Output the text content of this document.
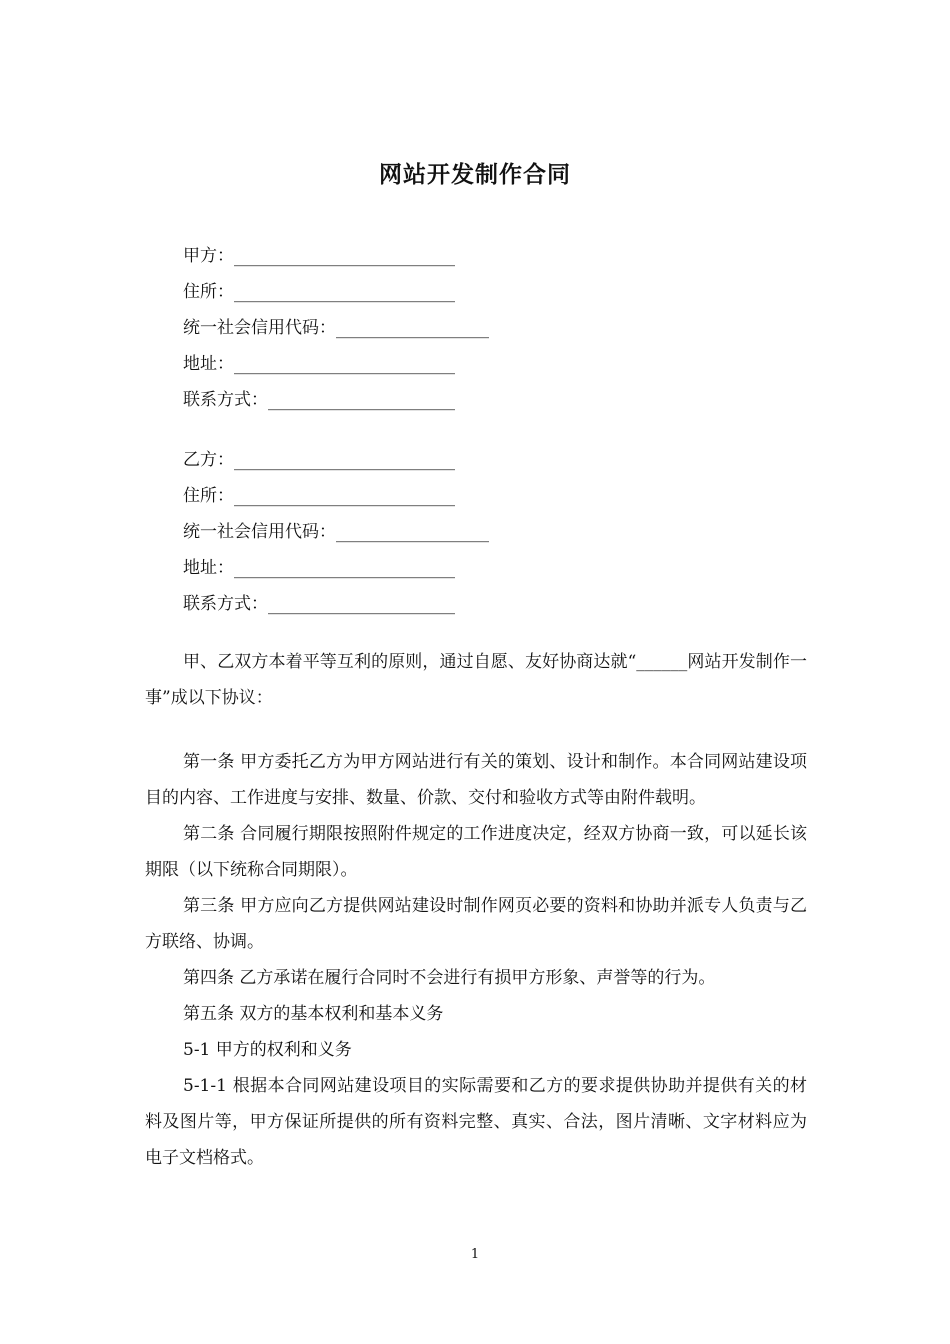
网站开发制作合同
甲方：__________________________
住所：__________________________
统一社会信用代码：__________________
地址：__________________________
联系方式：______________________
乙方：__________________________
住所：__________________________
统一社会信用代码：__________________
地址：__________________________
联系方式：______________________

甲、乙双方本着平等互利的原则，通过自愿、友好协商达就“______网站开发制作一事”成以下协议：

第一条 甲方委托乙方为甲方网站进行有关的策划、设计和制作。本合同网站建设项目的内容、工作进度与安排、数量、价款、交付和验收方式等由附件载明。

第二条 合同履行期限按照附件规定的工作进度决定，经双方协商一致，可以延长该期限（以下统称合同期限）。

第三条 甲方应向乙方提供网站建设时制作网页必要的资料和协助并派专人负责与乙方联络、协调。

第四条 乙方承诺在履行合同时不会进行有损甲方形象、声誉等的行为。

第五条 双方的基本权利和基本义务

5-1 甲方的权利和义务

5-1-1 根据本合同网站建设项目的实际需要和乙方的要求提供协助并提供有关的材料及图片等，甲方保证所提供的所有资料完整、真实、合法，图片清晰、文字材料应为电子文档格式。

1
